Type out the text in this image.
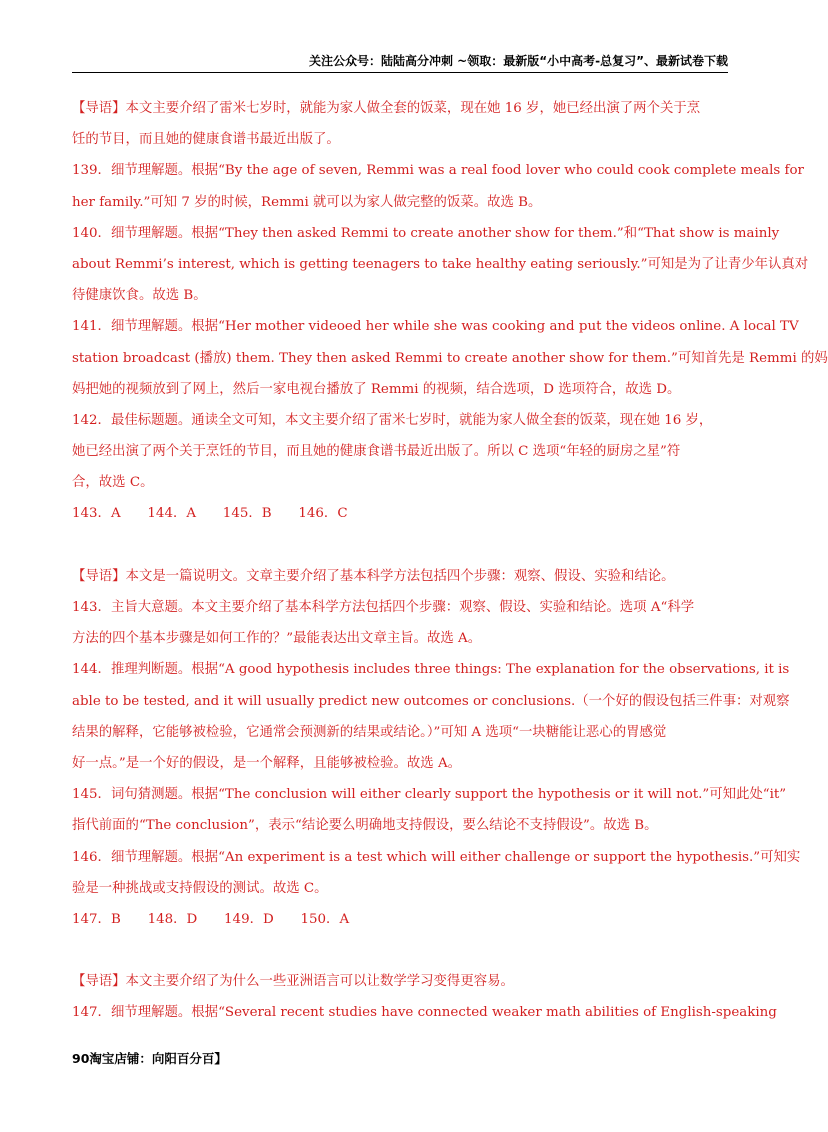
关注公众号：陆陆高分冲刺 ~领取：最新版“小中高考-总复习”、最新试卷下载
【导语】本文主要介绍了雷米七岁时，就能为家人做全套的饭菜，现在她 16 岁，她已经出演了两个关于烹
饪的节目，而且她的健康食谱书最近出版了。
139．细节理解题。根据“By the age of seven, Remmi was a real food lover who could cook complete meals for
her family.”可知 7 岁的时候，Remmi 就可以为家人做完整的饭菜。故选 B。
140．细节理解题。根据“They then asked Remmi to create another show for them.”和“That show is mainly
about Remmi’s interest, which is getting teenagers to take healthy eating seriously.”可知是为了让青少年认真对
待健康饮食。故选 B。
141．细节理解题。根据“Her mother videoed her while she was cooking and put the videos online. A local TV
station broadcast (播放) them. They then asked Remmi to create another show for them.”可知首先是 Remmi 的妈
妈把她的视频放到了网上，然后一家电视台播放了 Remmi 的视频，结合选项，D 选项符合，故选 D。
142．最佳标题题。通读全文可知，本文主要介绍了雷米七岁时，就能为家人做全套的饭菜，现在她 16 岁，
她已经出演了两个关于烹饪的节目，而且她的健康食谱书最近出版了。所以 C 选项“年轻的厨房之星”符
合，故选 C。
143．A　　144．A　　145．B　　146．C
【导语】本文是一篇说明文。文章主要介绍了基本科学方法包括四个步骤：观察、假设、实验和结论。
143．主旨大意题。本文主要介绍了基本科学方法包括四个步骤：观察、假设、实验和结论。选项 A“科学
方法的四个基本步骤是如何工作的？”最能表达出文章主旨。故选 A。
144．推理判断题。根据“A good hypothesis includes three things: The explanation for the observations, it is
able to be tested, and it will usually predict new outcomes or conclusions.（一个好的假设包括三件事：对观察
结果的解释，它能够被检验，它通常会预测新的结果或结论。）”可知 A 选项“一块糖能让恶心的胃感觉
好一点。”是一个好的假设，是一个解释，且能够被检验。故选 A。
145．词句猜测题。根据“The conclusion will either clearly support the hypothesis or it will not.”可知此处“it”
指代前面的“The conclusion”，表示“结论要么明确地支持假设，要么结论不支持假设”。故选 B。
146．细节理解题。根据“An experiment is a test which will either challenge or support the hypothesis.”可知实
验是一种挑战或支持假设的测试。故选 C。
147．B　　148．D　　149．D　　150．A
【导语】本文主要介绍了为什么一些亚洲语言可以让数学学习变得更容易。
147．细节理解题。根据“Several recent studies have connected weaker math abilities of English-speaking
90淘宝店铺：向阳百分百】
